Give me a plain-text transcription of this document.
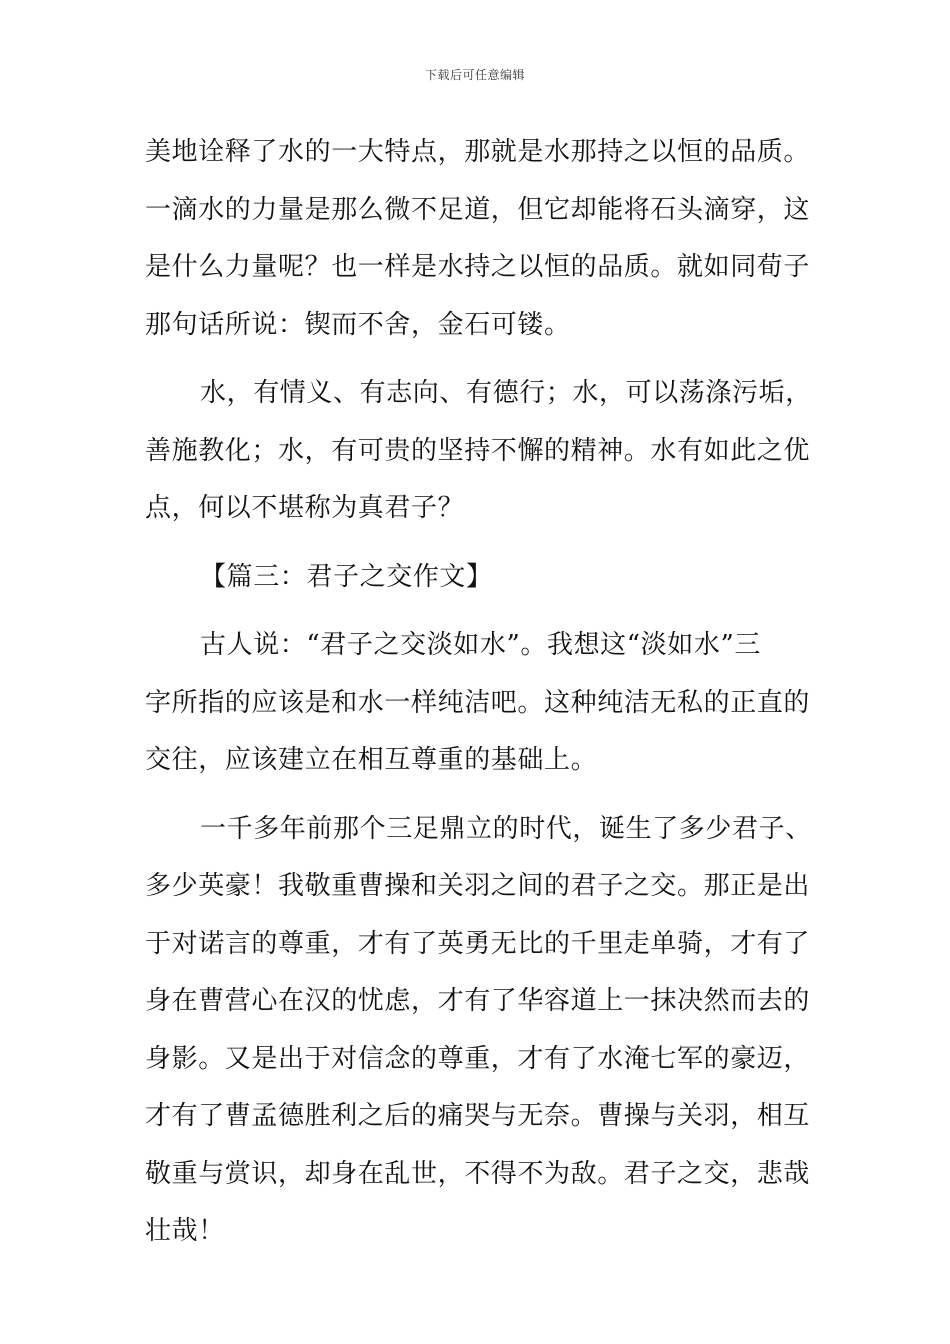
下载后可任意编辑
美地诠释了水的一大特点，那就是水那持之以恒的品质。
一滴水的力量是那么微不足道，但它却能将石头滴穿，这
是什么力量呢？也一样是水持之以恒的品质。就如同荀子
那句话所说：锲而不舍，金石可镂。
水，有情义、有志向、有德行；水，可以荡涤污垢，
善施教化；水，有可贵的坚持不懈的精神。水有如此之优
点，何以不堪称为真君子？
【篇三：君子之交作文】
古人说：“君子之交淡如水”。我想这“淡如水”三
字所指的应该是和水一样纯洁吧。这种纯洁无私的正直的
交往，应该建立在相互尊重的基础上。
一千多年前那个三足鼎立的时代，诞生了多少君子、
多少英豪！我敬重曹操和关羽之间的君子之交。那正是出
于对诺言的尊重，才有了英勇无比的千里走单骑，才有了
身在曹营心在汉的忧虑，才有了华容道上一抹决然而去的
身影。又是出于对信念的尊重，才有了水淹七军的豪迈，
才有了曹孟德胜利之后的痛哭与无奈。曹操与关羽，相互
敬重与赏识，却身在乱世，不得不为敌。君子之交，悲哉
壮哉！
